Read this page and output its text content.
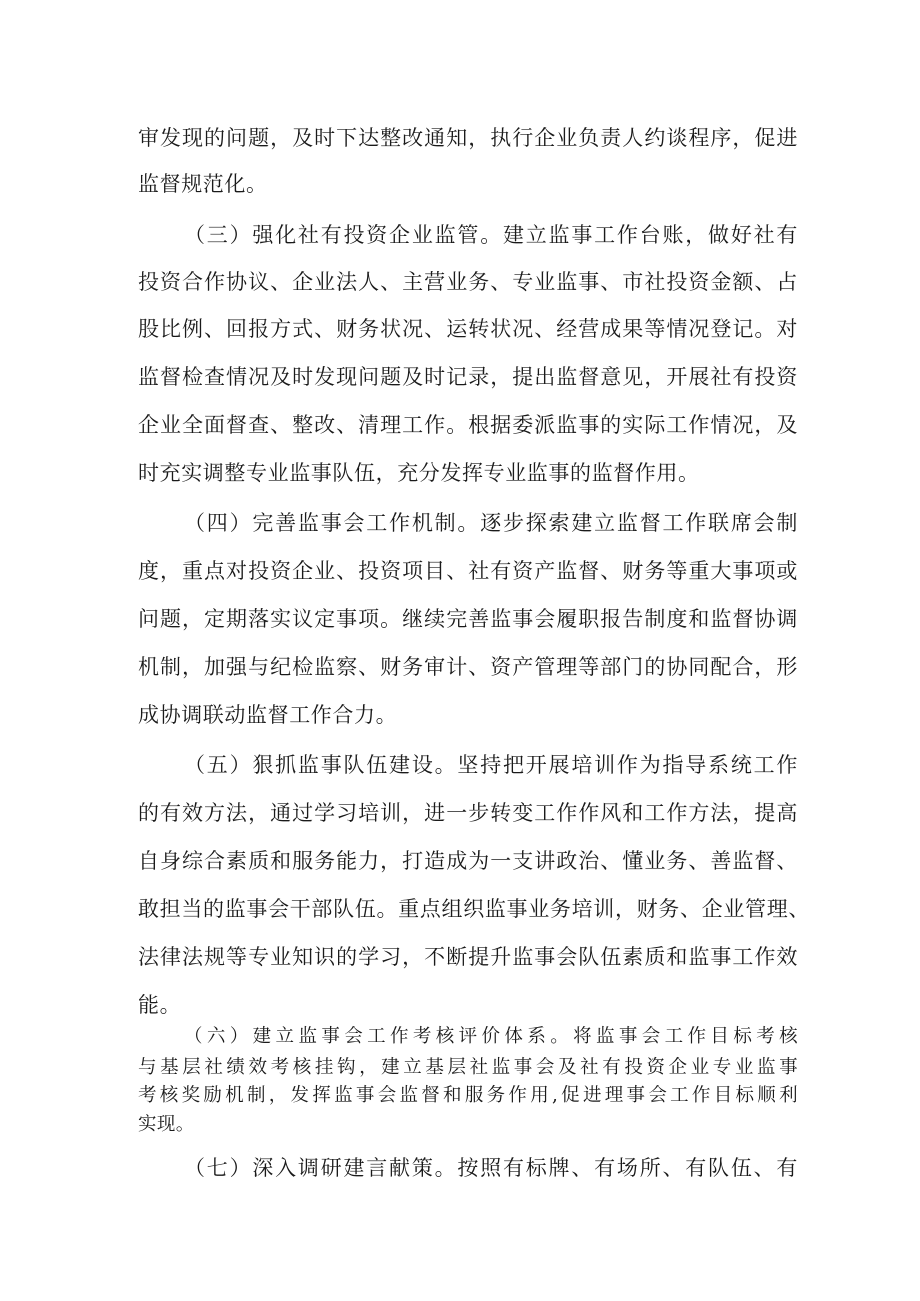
审发现的问题，及时下达整改通知，执行企业负责人约谈程序，促进
监督规范化。
（三）强化社有投资企业监管。建立监事工作台账，做好社有
投资合作协议、企业法人、主营业务、专业监事、市社投资金额、占
股比例、回报方式、财务状况、运转状况、经营成果等情况登记。对
监督检查情况及时发现问题及时记录，提出监督意见，开展社有投资
企业全面督查、整改、清理工作。根据委派监事的实际工作情况，及
时充实调整专业监事队伍，充分发挥专业监事的监督作用。
（四）完善监事会工作机制。逐步探索建立监督工作联席会制
度，重点对投资企业、投资项目、社有资产监督、财务等重大事项或
问题，定期落实议定事项。继续完善监事会履职报告制度和监督协调
机制，加强与纪检监察、财务审计、资产管理等部门的协同配合，形
成协调联动监督工作合力。
（五）狠抓监事队伍建设。坚持把开展培训作为指导系统工作
的有效方法，通过学习培训，进一步转变工作作风和工作方法，提高
自身综合素质和服务能力，打造成为一支讲政治、懂业务、善监督、
敢担当的监事会干部队伍。重点组织监事业务培训，财务、企业管理、
法律法规等专业知识的学习，不断提升监事会队伍素质和监事工作效
能。
（六）建立监事会工作考核评价体系。将监事会工作目标考核
与基层社绩效考核挂钩，建立基层社监事会及社有投资企业专业监事
考核奖励机制，发挥监事会监督和服务作用,促进理事会工作目标顺利
实现。
（七）深入调研建言献策。按照有标牌、有场所、有队伍、有
